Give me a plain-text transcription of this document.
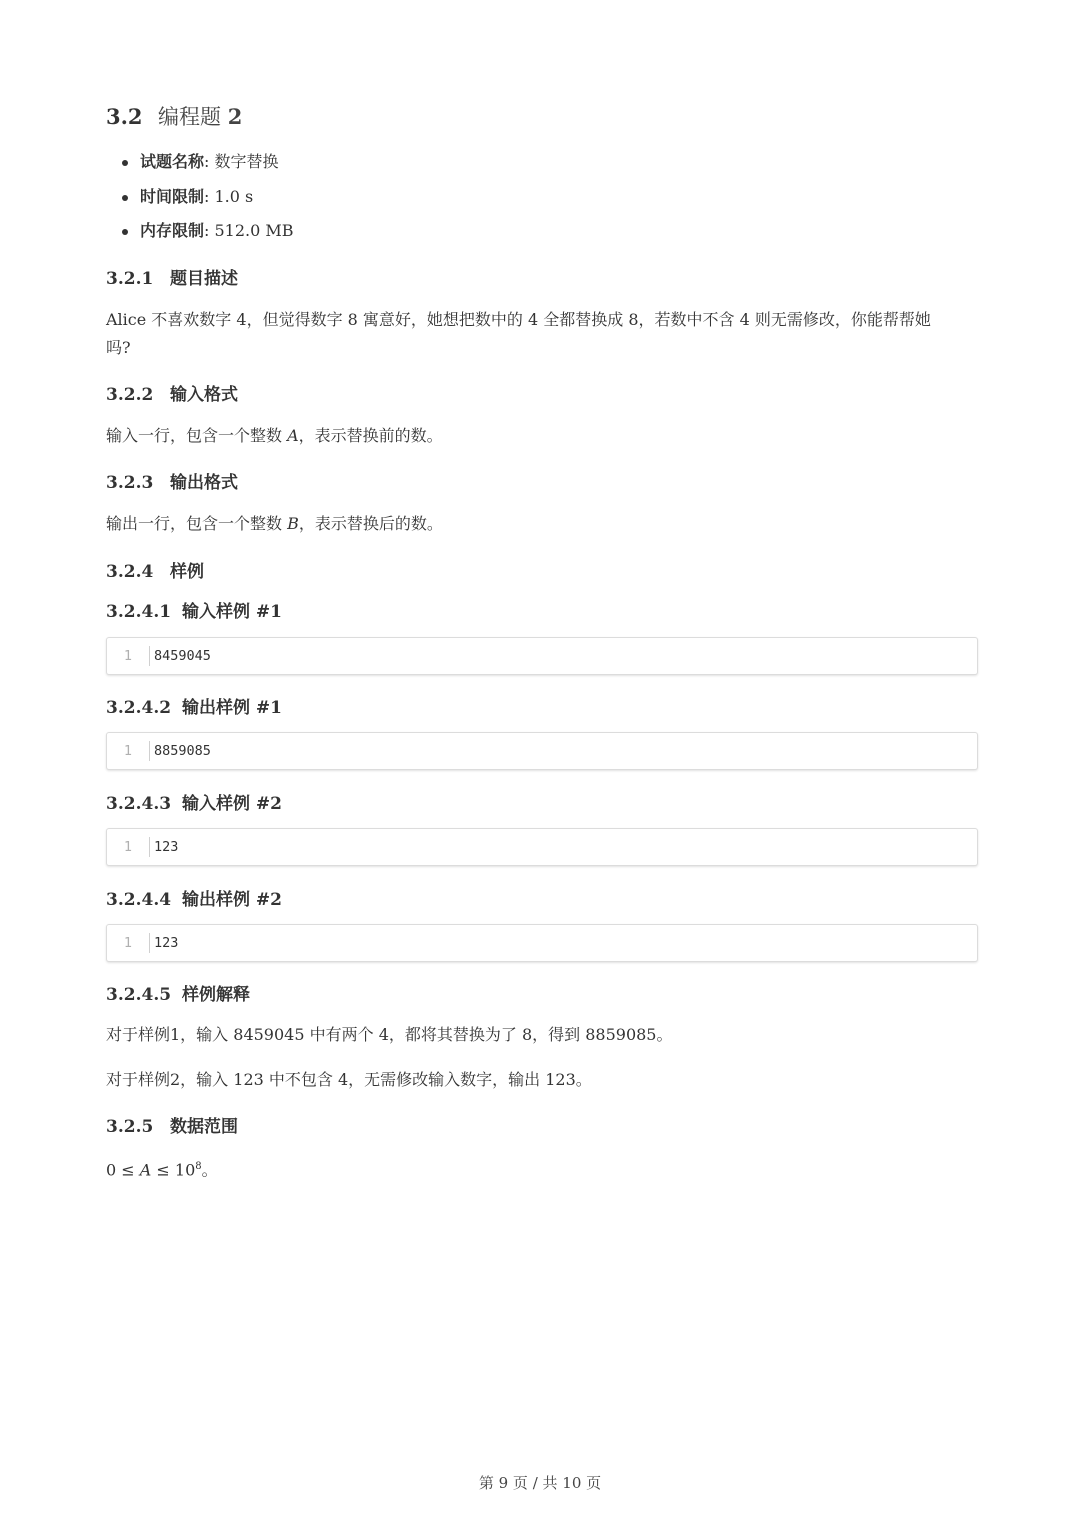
3.2 编程题 2
试题名称: 数字替换
时间限制: 1.0 s
内存限制: 512.0 MB
3.2.1 题目描述
Alice 不喜欢数字 4，但觉得数字 8 寓意好，她想把数中的 4 全都替换成 8，若数中不含 4 则无需修改，你能帮帮她
吗?
3.2.2 输入格式
输入一行，包含一个整数 A，表示替换前的数。
3.2.3 输出格式
输出一行，包含一个整数 B，表示替换后的数。
3.2.4 样例
3.2.4.1 输入样例 #1
1	8459045
3.2.4.2 输出样例 #1
1	8859085
3.2.4.3 输入样例 #2
1	123
3.2.4.4 输出样例 #2
1	123
3.2.4.5 样例解释
对于样例1，输入 8459045 中有两个 4，都将其替换为了 8，得到 8859085。
对于样例2，输入 123 中不包含 4，无需修改输入数字，输出 123。
3.2.5 数据范围
$0 \le A \le 10^8$。
第 9 页 / 共 10 页
